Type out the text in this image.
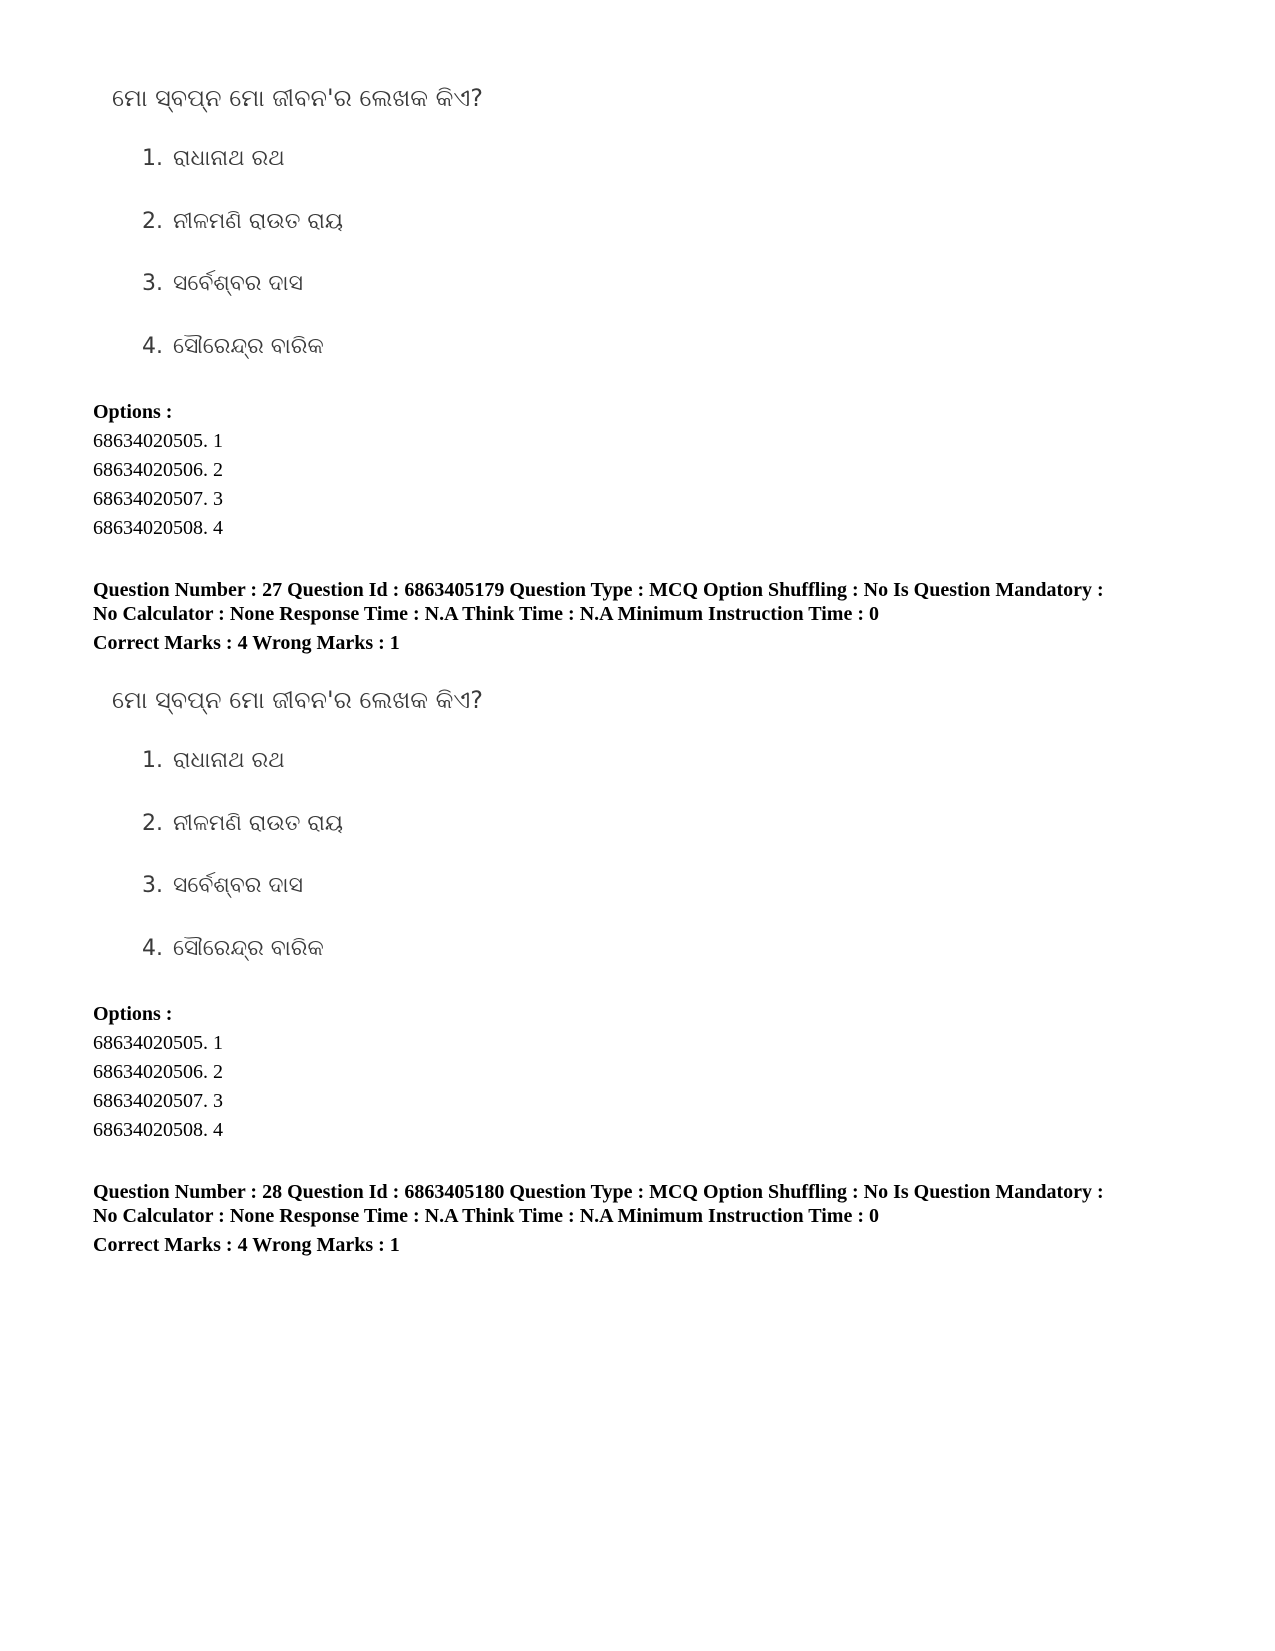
ମୋ ସ୍ବପ୍ନ ମୋ ଜୀବନ'ର ଲେଖକ କିଏ?
1. ରାଧାନାଥ ରଥ
2. ନୀଳମଣି ରାଉତ ରାୟ
3. ସର୍ବେଶ୍ବର ଦାସ
4. ସୌରେନ୍ଦ୍ର ବାରିକ
Options :
68634020505. 1
68634020506. 2
68634020507. 3
68634020508. 4
Question Number : 27 Question Id : 6863405179 Question Type : MCQ Option Shuffling : No Is Question Mandatory :
No Calculator : None Response Time : N.A Think Time : N.A Minimum Instruction Time : 0
Correct Marks : 4 Wrong Marks : 1
ମୋ ସ୍ବପ୍ନ ମୋ ଜୀବନ'ର ଲେଖକ କିଏ?
1. ରାଧାନାଥ ରଥ
2. ନୀଳମଣି ରାଉତ ରାୟ
3. ସର୍ବେଶ୍ବର ଦାସ
4. ସୌରେନ୍ଦ୍ର ବାରିକ
Options :
68634020505. 1
68634020506. 2
68634020507. 3
68634020508. 4
Question Number : 28 Question Id : 6863405180 Question Type : MCQ Option Shuffling : No Is Question Mandatory :
No Calculator : None Response Time : N.A Think Time : N.A Minimum Instruction Time : 0
Correct Marks : 4 Wrong Marks : 1
